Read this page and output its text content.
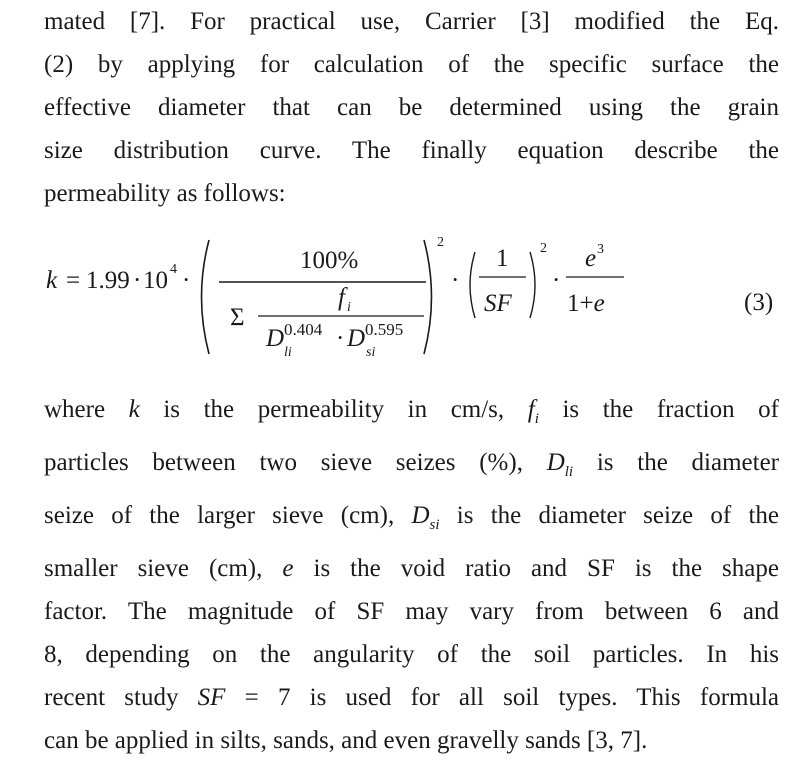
mated [7]. For practical use, Carrier [3] modified the Eq.
(2) by applying for calculation of the specific surface the
effective diameter that can be determined using the grain
size distribution curve. The finally equation describe the
permeability as follows:
k = 1.99 · 10 4 ·
100%
Σ
f i
D 0.404
li
· D 0.595
si
2
·
1
SF
2
·
e 3
1+e	(3)
where k is the permeability in cm/s, $f_i$ is the fraction of
particles between two sieve seizes (%), $D_{li}$ is the diameter
seize of the larger sieve (cm), $D_{si}$ is the diameter seize of the
smaller sieve (cm), e is the void ratio and SF is the shape
factor. The magnitude of SF may vary from between 6 and
8, depending on the angularity of the soil particles. In his
recent study SF = 7 is used for all soil types. This formula
can be applied in silts, sands, and even gravelly sands [3, 7].
